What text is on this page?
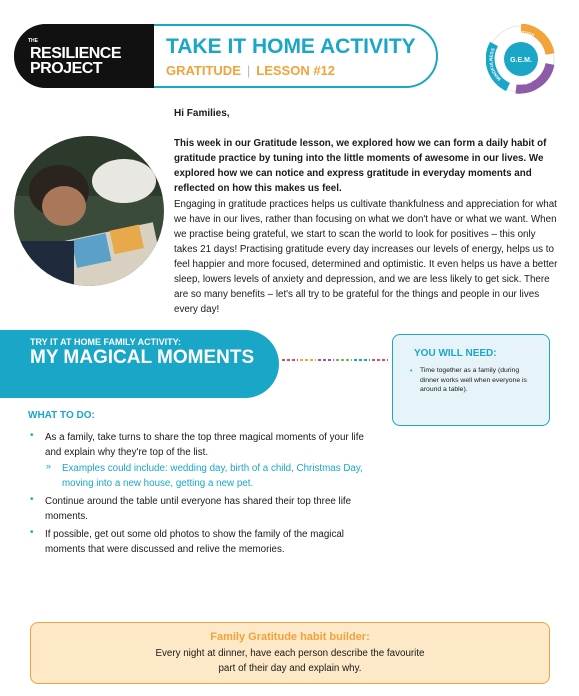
THE
RESILIENCE
PROJECT
TAKE IT HOME ACTIVITY
GRATITUDE | LESSON #12
G.E.M.
GRATITUDE
EMPATHY
MINDFULNESS
Hi Families,
This week in our Gratitude lesson, we explored how we can form a daily habit of gratitude practice by tuning into the little moments of awesome in our lives. We explored how we can notice and express gratitude in everyday moments and reflected on how this makes us feel.
Engaging in gratitude practices helps us cultivate thankfulness and appreciation for what we have in our lives, rather than focusing on what we don't have or what we want. When we practise being grateful, we start to scan the world to look for positives – this only takes 21 days! Practising gratitude every day increases our levels of energy, helps us to feel happier and more focused, determined and optimistic. It even helps us have a better sleep, lowers levels of anxiety and depression, and we are less likely to get sick. There are so many benefits – let's all try to be grateful for the things and people in our lives every day!
TRY IT AT HOME FAMILY ACTIVITY:
MY MAGICAL MOMENTS	YOU WILL NEED:
• Time together as a family (during dinner works well when everyone is around a table).
WHAT TO DO:
• As a family, take turns to share the top three magical moments of your life and explain why they're top of the list.
» Examples could include: wedding day, birth of a child, Christmas Day, moving into a new house, getting a new pet.
• Continue around the table until everyone has shared their top three life moments.
• If possible, get out some old photos to show the family of the magical moments that were discussed and relive the memories.
Family Gratitude habit builder:
Every night at dinner, have each person describe the favourite part of their day and explain why.
